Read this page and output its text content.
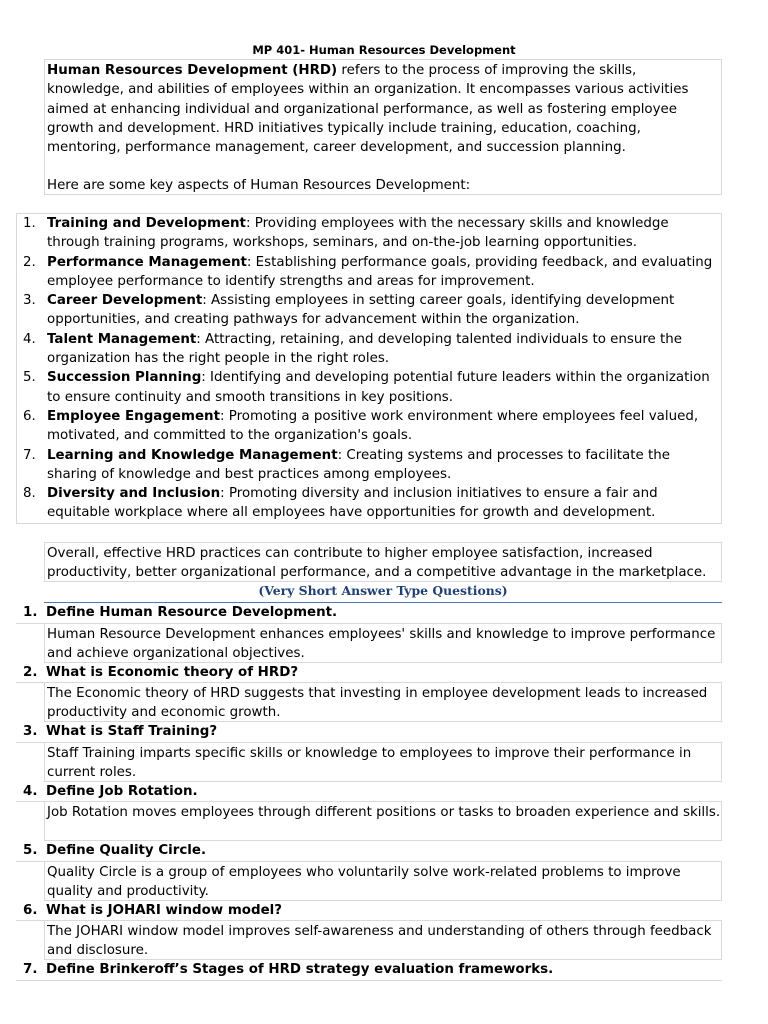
MP 401- Human Resources Development

Human Resources Development (HRD) refers to the process of improving the skills, knowledge, and abilities of employees within an organization. It encompasses various activities aimed at enhancing individual and organizational performance, as well as fostering employee growth and development. HRD initiatives typically include training, education, coaching, mentoring, performance management, career development, and succession planning.

Here are some key aspects of Human Resources Development:

1. Training and Development: Providing employees with the necessary skills and knowledge through training programs, workshops, seminars, and on-the-job learning opportunities.
2. Performance Management: Establishing performance goals, providing feedback, and evaluating employee performance to identify strengths and areas for improvement.
3. Career Development: Assisting employees in setting career goals, identifying development opportunities, and creating pathways for advancement within the organization.
4. Talent Management: Attracting, retaining, and developing talented individuals to ensure the organization has the right people in the right roles.
5. Succession Planning: Identifying and developing potential future leaders within the organization to ensure continuity and smooth transitions in key positions.
6. Employee Engagement: Promoting a positive work environment where employees feel valued, motivated, and committed to the organization's goals.
7. Learning and Knowledge Management: Creating systems and processes to facilitate the sharing of knowledge and best practices among employees.
8. Diversity and Inclusion: Promoting diversity and inclusion initiatives to ensure a fair and equitable workplace where all employees have opportunities for growth and development.
Overall, effective HRD practices can contribute to higher employee satisfaction, increased productivity, better organizational performance, and a competitive advantage in the marketplace.
(Very Short Answer Type Questions)
1. Define Human Resource Development.
Human Resource Development enhances employees' skills and knowledge to improve performance and achieve organizational objectives.
2. What is Economic theory of HRD?
The Economic theory of HRD suggests that investing in employee development leads to increased productivity and economic growth.
3. What is Staff Training?
Staff Training imparts specific skills or knowledge to employees to improve their performance in current roles.
4. Define Job Rotation.
Job Rotation moves employees through different positions or tasks to broaden experience and skills.
5. Define Quality Circle.
Quality Circle is a group of employees who voluntarily solve work-related problems to improve quality and productivity.
6. What is JOHARI window model?
The JOHARI window model improves self-awareness and understanding of others through feedback and disclosure.
7. Define Brinkeroff’s Stages of HRD strategy evaluation frameworks.
